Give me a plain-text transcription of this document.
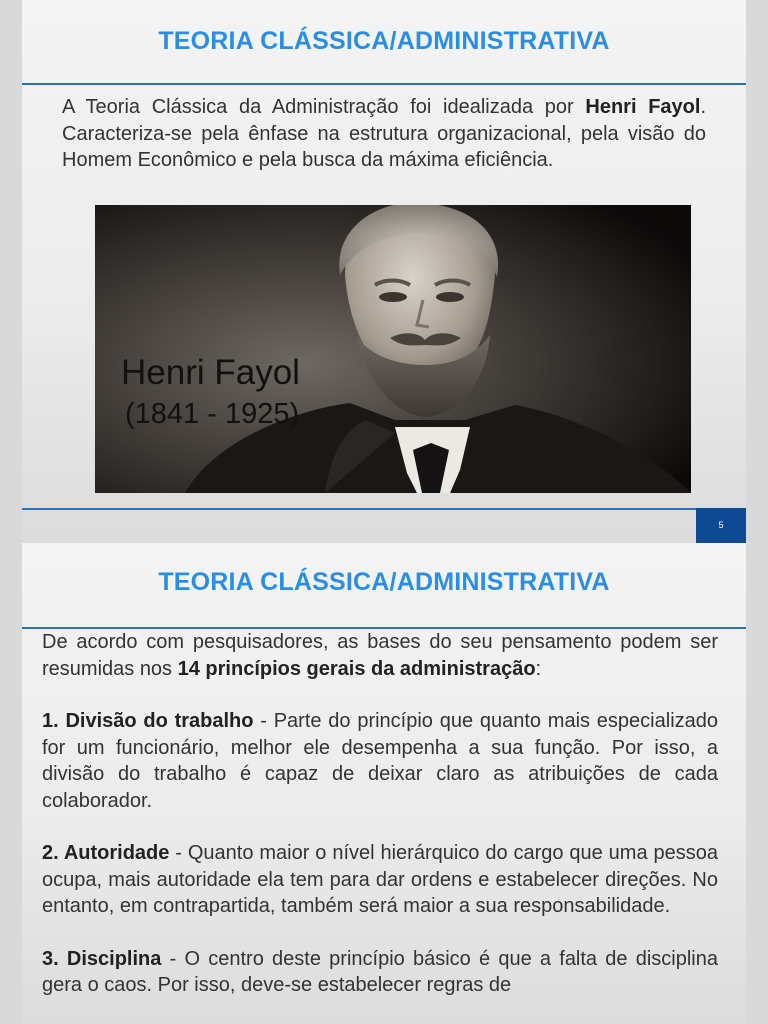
TEORIA CLÁSSICA/ADMINISTRATIVA
A Teoria Clássica da Administração foi idealizada por Henri Fayol. Caracteriza-se pela ênfase na estrutura organizacional, pela visão do Homem Econômico e pela busca da máxima eficiência.
Henri Fayol
(1841 - 1925)
5
TEORIA CLÁSSICA/ADMINISTRATIVA

De acordo com pesquisadores, as bases do seu pensamento podem ser resumidas nos 14 princípios gerais da administração:

1. Divisão do trabalho - Parte do princípio que quanto mais especializado for um funcionário, melhor ele desempenha a sua função. Por isso, a divisão do trabalho é capaz de deixar claro as atribuições de cada colaborador.

2. Autoridade - Quanto maior o nível hierárquico do cargo que uma pessoa ocupa, mais autoridade ela tem para dar ordens e estabelecer direções. No entanto, em contrapartida, também será maior a sua responsabilidade.

3. Disciplina - O centro deste princípio básico é que a falta de disciplina gera o caos. Por isso, deve-se estabelecer regras de
